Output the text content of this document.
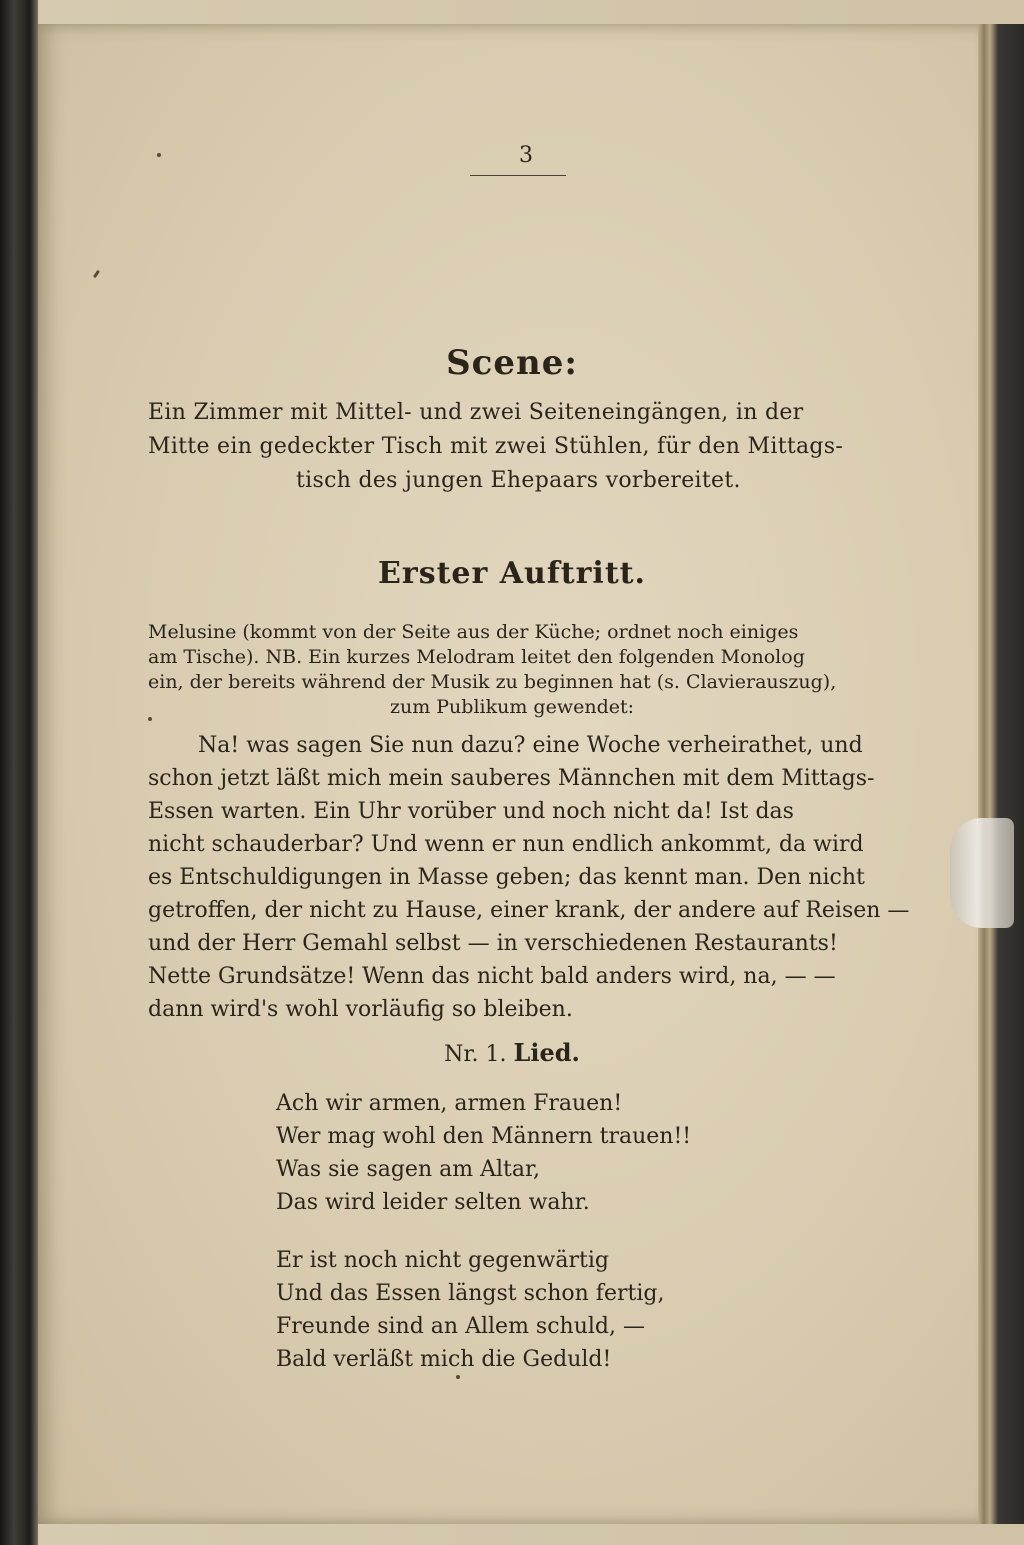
3

Scene:

Ein Zimmer mit Mittel- und zwei Seiteneingängen, in der

Mitte ein gedeckter Tisch mit zwei Stühlen, für den Mittags-

tisch des jungen Ehepaars vorbereitet.

Erster Auftritt.

Melusine (kommt von der Seite aus der Küche; ordnet noch einiges

am Tische). NB. Ein kurzes Melodram leitet den folgenden Monolog

ein, der bereits während der Musik zu beginnen hat (s. Clavierauszug),

zum Publikum gewendet:

Na! was sagen Sie nun dazu? eine Woche verheirathet, und

schon jetzt läßt mich mein sauberes Männchen mit dem Mittags-

Essen warten. Ein Uhr vorüber und noch nicht da! Ist das

nicht schauderbar? Und wenn er nun endlich ankommt, da wird

es Entschuldigungen in Masse geben; das kennt man. Den nicht

getroffen, der nicht zu Hause, einer krank, der andere auf Reisen —

und der Herr Gemahl selbst — in verschiedenen Restaurants!

Nette Grundsätze! Wenn das nicht bald anders wird, na, — —

dann wird's wohl vorläufig so bleiben.

Nr. 1. Lied.

Ach wir armen, armen Frauen!

Wer mag wohl den Männern trauen!!

Was sie sagen am Altar,

Das wird leider selten wahr.

Er ist noch nicht gegenwärtig

Und das Essen längst schon fertig,

Freunde sind an Allem schuld, —

Bald verläßt mich die Geduld!
